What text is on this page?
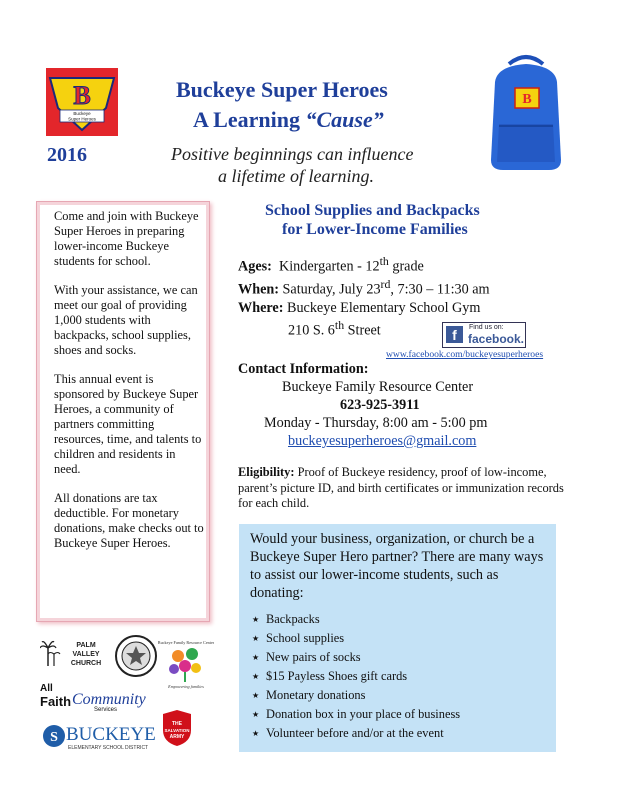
B
Buckeye
Super Heroes
2016
Buckeye Super Heroes
A Learning “Cause”
Positive beginnings can influence
a lifetime of learning.
B

Come and join with Buckeye Super Heroes in preparing lower-income Buckeye students for school.

With your assistance, we can meet our goal of providing 1,000 students with backpacks, school supplies, shoes and socks.

This annual event is sponsored by Buckeye Super Heroes, a community of partners committing resources, time, and talents to children and residents in need.

All donations are tax deductible. For monetary donations, make checks out to Buckeye Super Heroes.

School Supplies and Backpacks
for Lower-Income Families
Ages: Kindergarten - 12th grade
When: Saturday, July 23rd, 7:30 – 11:30 am
Where: Buckeye Elementary School Gym
210 S. 6th Street	f	Find us on:
facebook.
www.facebook.com/buckeyesuperheroes
Contact Information:
Buckeye Family Resource Center
623-925-3911
Monday - Thursday, 8:00 am - 5:00 pm
buckeyesuperheroes@gmail.com
Eligibility: Proof of Buckeye residency, proof of low-income, parent’s picture ID, and birth certificates or immunization records for each child.
Would your business, organization, or church be a Buckeye Super Hero partner? There are many ways to assist our lower-income students, such as donating:
★ Backpacks
★ School supplies
★ New pairs of socks
★ $15 Payless Shoes gift cards
★ Monetary donations
★ Donation box in your place of business
★ Volunteer before and/or at the event
PALM
VALLEY
CHURCH
Buckeye Family Resource Center
Empowering families
All
Faith Community
Services
THE
SALVATION
ARMY
S BUCKEYE
ELEMENTARY SCHOOL DISTRICT
